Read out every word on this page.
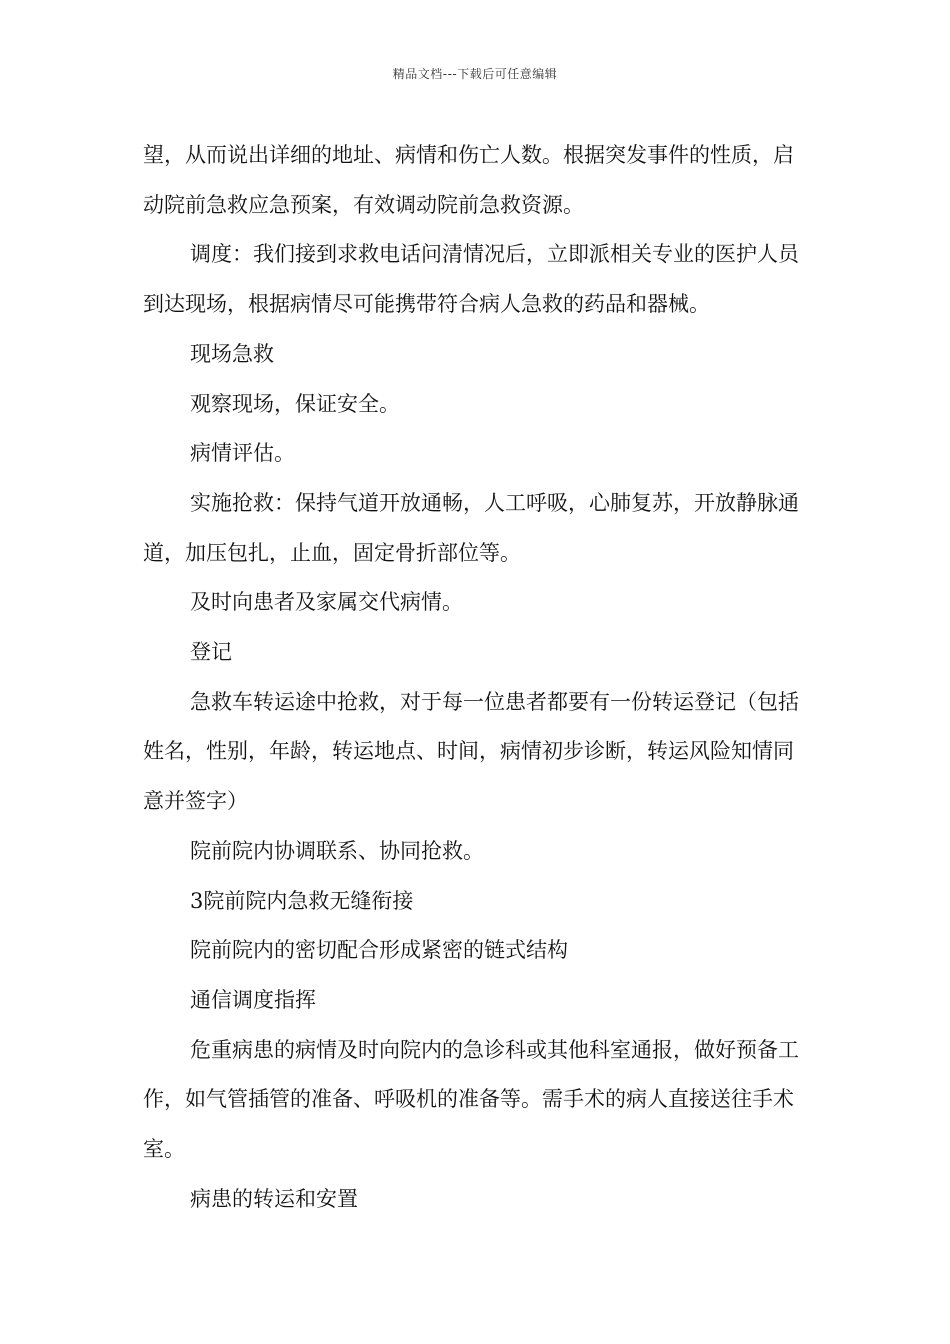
精品文档---下载后可任意编辑

望，从而说出详细的地址、病情和伤亡人数。根据突发事件的性质，启动院前急救应急预案，有效调动院前急救资源。

调度：我们接到求救电话问清情况后，立即派相关专业的医护人员到达现场，根据病情尽可能携带符合病人急救的药品和器械。

现场急救

观察现场，保证安全。

病情评估。

实施抢救：保持气道开放通畅，人工呼吸，心肺复苏，开放静脉通道，加压包扎，止血，固定骨折部位等。

及时向患者及家属交代病情。

登记

急救车转运途中抢救，对于每一位患者都要有一份转运登记（包括姓名，性别，年龄，转运地点、时间，病情初步诊断，转运风险知情同意并签字）

院前院内协调联系、协同抢救。

3院前院内急救无缝衔接

院前院内的密切配合形成紧密的链式结构

通信调度指挥

危重病患的病情及时向院内的急诊科或其他科室通报，做好预备工作，如气管插管的准备、呼吸机的准备等。需手术的病人直接送往手术室。

病患的转运和安置
